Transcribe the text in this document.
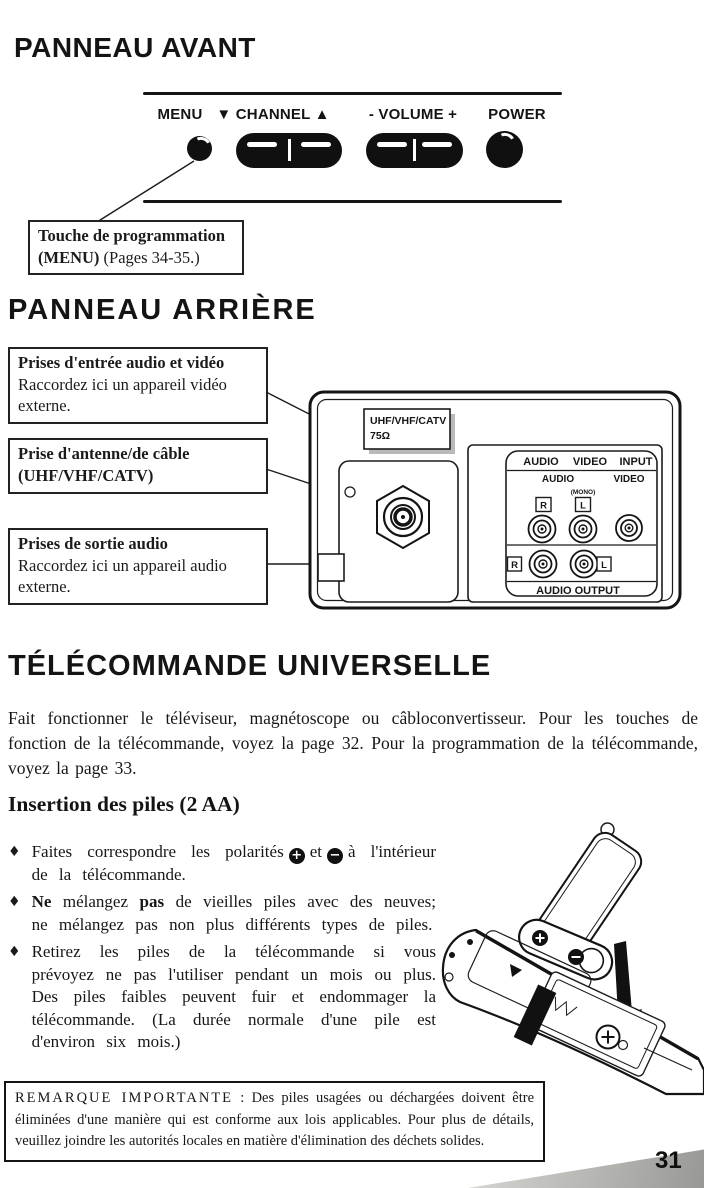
PANNEAU AVANT
MENU ▼ CHANNEL ▲	- VOLUME + POWER
Touche de programmation
(MENU) (Pages 34-35.)
PANNEAU ARRIÈRE
Prises d'entrée audio et vidéo
Raccordez ici un appareil vidéo externe.
Prise d'antenne/de câble (UHF/VHF/CATV)
Prises de sortie audio
Raccordez ici un appareil audio externe.
UHF/VHF/CATV
75Ω
AUDIO VIDEO INPUT
AUDIO	VIDEO
(MONO)
R	L
R	L
AUDIO OUTPUT
TÉLÉCOMMANDE UNIVERSELLE

Fait fonctionner le téléviseur, magnétoscope ou câbloconvertisseur. Pour les touches de fonction de la télécommande, voyez la page 32. Pour la programmation de la télécommande, voyez la page 33.

Insertion des piles (2 AA)
♦ Faites correspondre les polarités + et − à l'intérieur de la télécommande.
♦ Ne mélangez pas de vieilles piles avec des neuves; ne mélangez pas non plus différents types de piles.
♦ Retirez les piles de la télécommande si vous prévoyez ne pas l'utiliser pendant un mois ou plus. Des piles faibles peuvent fuir et endommager la télécommande. (La durée normale d'une pile est d'environ six mois.)
REMARQUE IMPORTANTE : Des piles usagées ou déchargées doivent être éliminées d'une manière qui est conforme aux lois applicables. Pour plus de détails, veuillez joindre les autorités locales en matière d'élimination des déchets solides.
31
